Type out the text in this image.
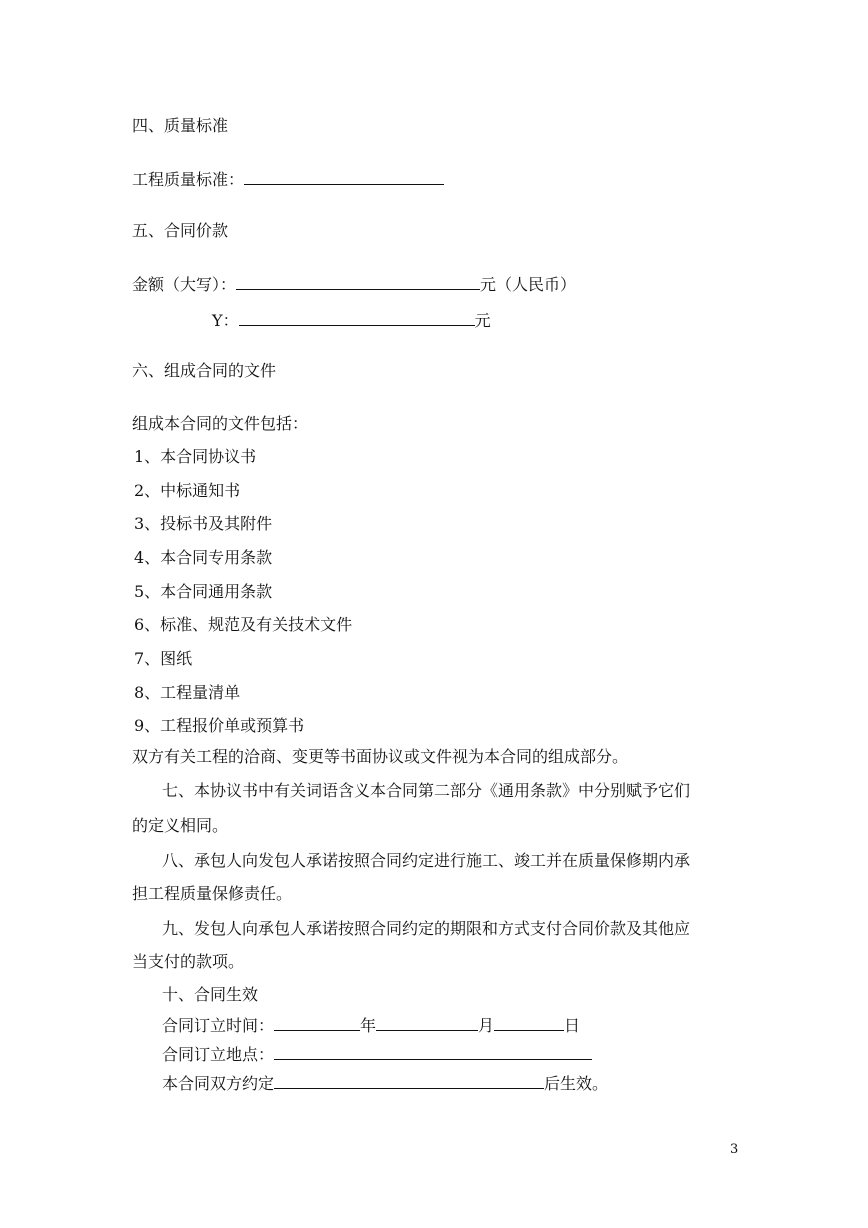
四、质量标准
工程质量标准：
五、合同价款
金额（大写）：	元（人民币）
Y：	元
六、组成合同的文件
组成本合同的文件包括：
1、本合同协议书
2、中标通知书
3、投标书及其附件
4、本合同专用条款
5、本合同通用条款
6、标准、规范及有关技术文件
7、图纸
8、工程量清单
9、工程报价单或预算书
双方有关工程的洽商、变更等书面协议或文件视为本合同的组成部分。
七、本协议书中有关词语含义本合同第二部分《通用条款》中分别赋予它们
的定义相同。
八、承包人向发包人承诺按照合同约定进行施工、竣工并在质量保修期内承
担工程质量保修责任。
九、发包人向承包人承诺按照合同约定的期限和方式支付合同价款及其他应
当支付的款项。
十、合同生效
合同订立时间：	年	月	日
合同订立地点：
本合同双方约定	后生效。
3
